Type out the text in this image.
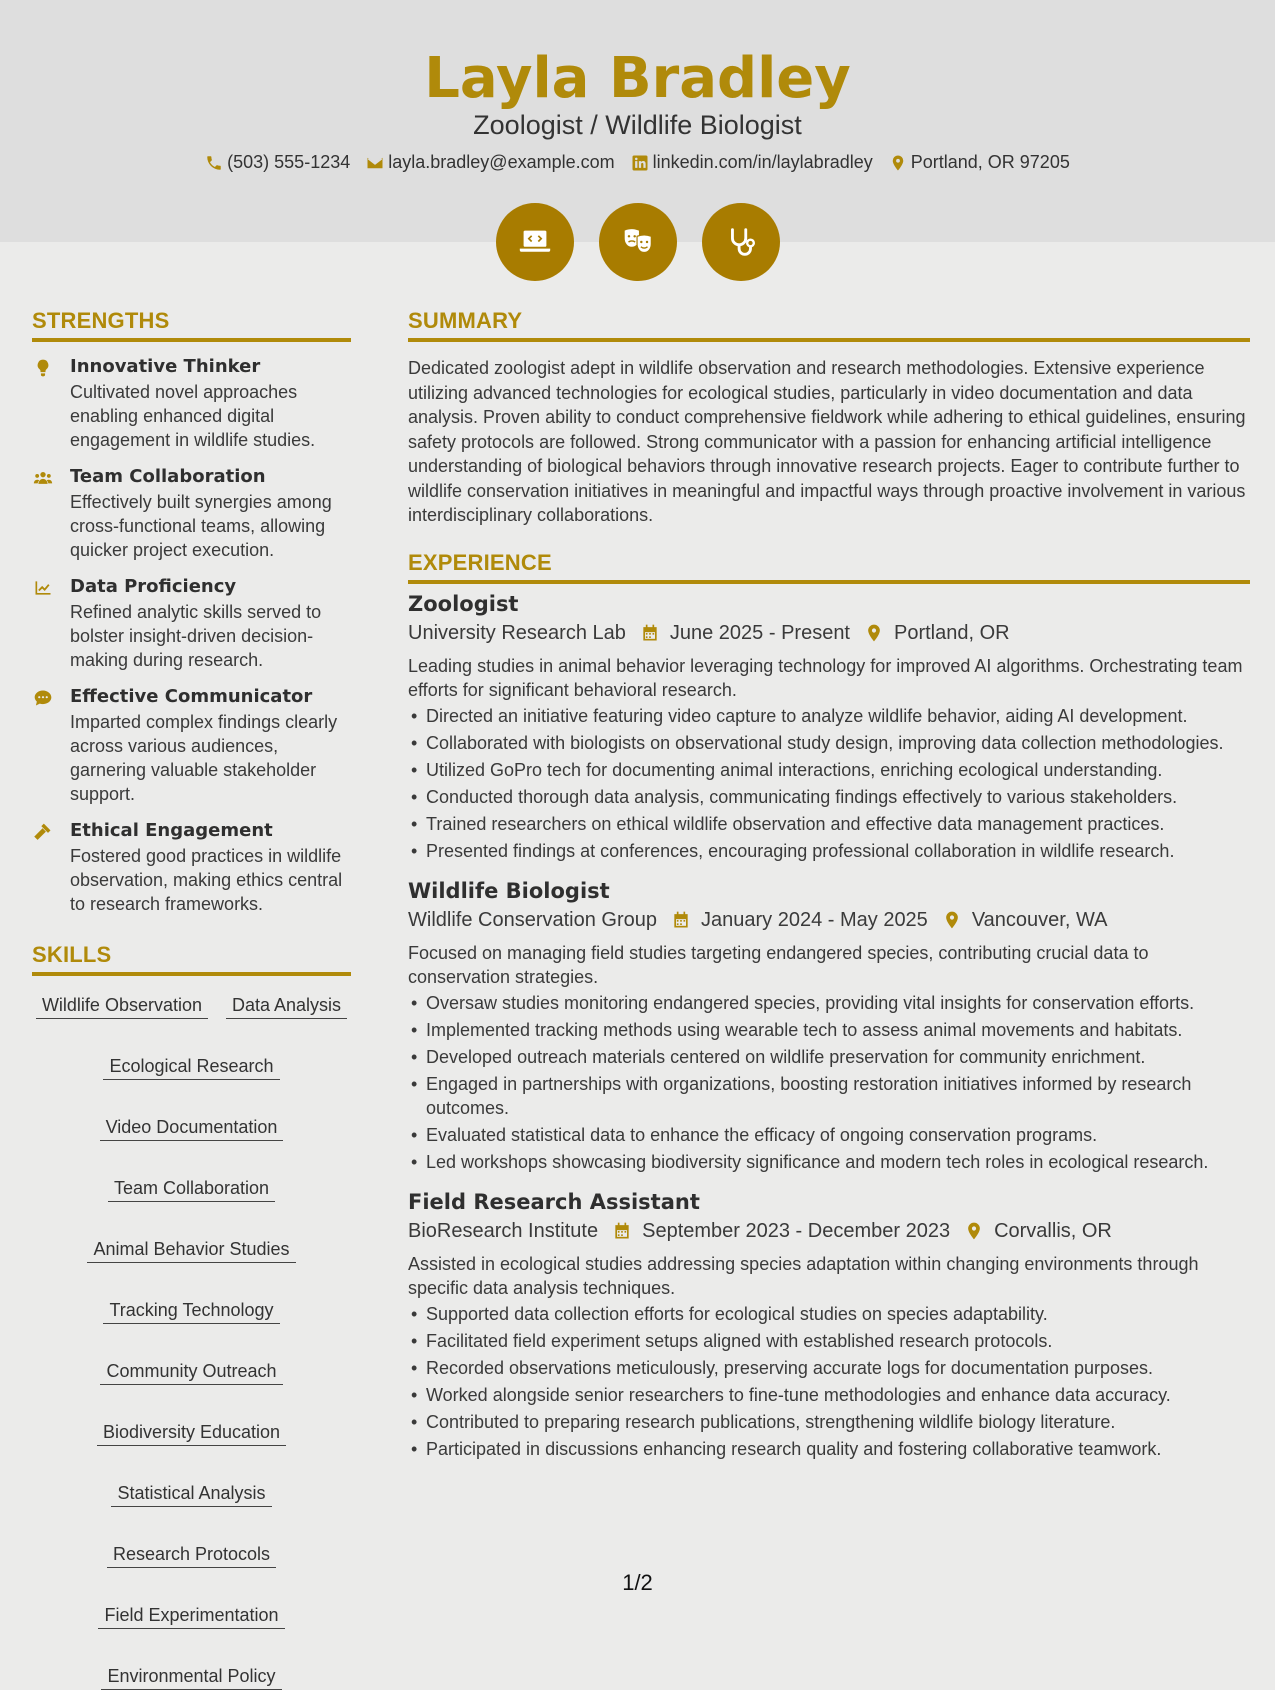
Layla Bradley
Zoologist / Wildlife Biologist
(503) 555-1234 layla.bradley@example.com linkedin.com/in/laylabradley Portland, OR 97205
STRENGTHS
Innovative Thinker
Cultivated novel approaches enabling enhanced digital engagement in wildlife studies.
Team Collaboration
Effectively built synergies among cross-functional teams, allowing quicker project execution.
Data Proficiency
Refined analytic skills served to bolster insight-driven decision-making during research.
Effective Communicator
Imparted complex findings clearly across various audiences, garnering valuable stakeholder support.
Ethical Engagement
Fostered good practices in wildlife observation, making ethics central to research frameworks.
SKILLS
Wildlife Observation	Data Analysis
Ecological Research
Video Documentation
Team Collaboration
Animal Behavior Studies
Tracking Technology
Community Outreach
Biodiversity Education
Statistical Analysis
Research Protocols
Field Experimentation
Environmental Policy
SUMMARY

Dedicated zoologist adept in wildlife observation and research methodologies. Extensive experience utilizing advanced technologies for ecological studies, particularly in video documentation and data analysis. Proven ability to conduct comprehensive fieldwork while adhering to ethical guidelines, ensuring safety protocols are followed. Strong communicator with a passion for enhancing artificial intelligence understanding of biological behaviors through innovative research projects. Eager to contribute further to wildlife conservation initiatives in meaningful and impactful ways through proactive involvement in various interdisciplinary collaborations.

EXPERIENCE
Zoologist
University Research Lab June 2025 - Present Portland, OR

Leading studies in animal behavior leveraging technology for improved AI algorithms. Orchestrating team efforts for significant behavioral research.

• Directed an initiative featuring video capture to analyze wildlife behavior, aiding AI development.
• Collaborated with biologists on observational study design, improving data collection methodologies.
• Utilized GoPro tech for documenting animal interactions, enriching ecological understanding.
• Conducted thorough data analysis, communicating findings effectively to various stakeholders.
• Trained researchers on ethical wildlife observation and effective data management practices.
• Presented findings at conferences, encouraging professional collaboration in wildlife research.
Wildlife Biologist
Wildlife Conservation Group January 2024 - May 2025 Vancouver, WA

Focused on managing field studies targeting endangered species, contributing crucial data to conservation strategies.

• Oversaw studies monitoring endangered species, providing vital insights for conservation efforts.
• Implemented tracking methods using wearable tech to assess animal movements and habitats.
• Developed outreach materials centered on wildlife preservation for community enrichment.
• Engaged in partnerships with organizations, boosting restoration initiatives informed by research outcomes.
• Evaluated statistical data to enhance the efficacy of ongoing conservation programs.
• Led workshops showcasing biodiversity significance and modern tech roles in ecological research.
Field Research Assistant
BioResearch Institute September 2023 - December 2023 Corvallis, OR

Assisted in ecological studies addressing species adaptation within changing environments through specific data analysis techniques.

• Supported data collection efforts for ecological studies on species adaptability.
• Facilitated field experiment setups aligned with established research protocols.
• Recorded observations meticulously, preserving accurate logs for documentation purposes.
• Worked alongside senior researchers to fine-tune methodologies and enhance data accuracy.
• Contributed to preparing research publications, strengthening wildlife biology literature.
• Participated in discussions enhancing research quality and fostering collaborative teamwork.
1/2
